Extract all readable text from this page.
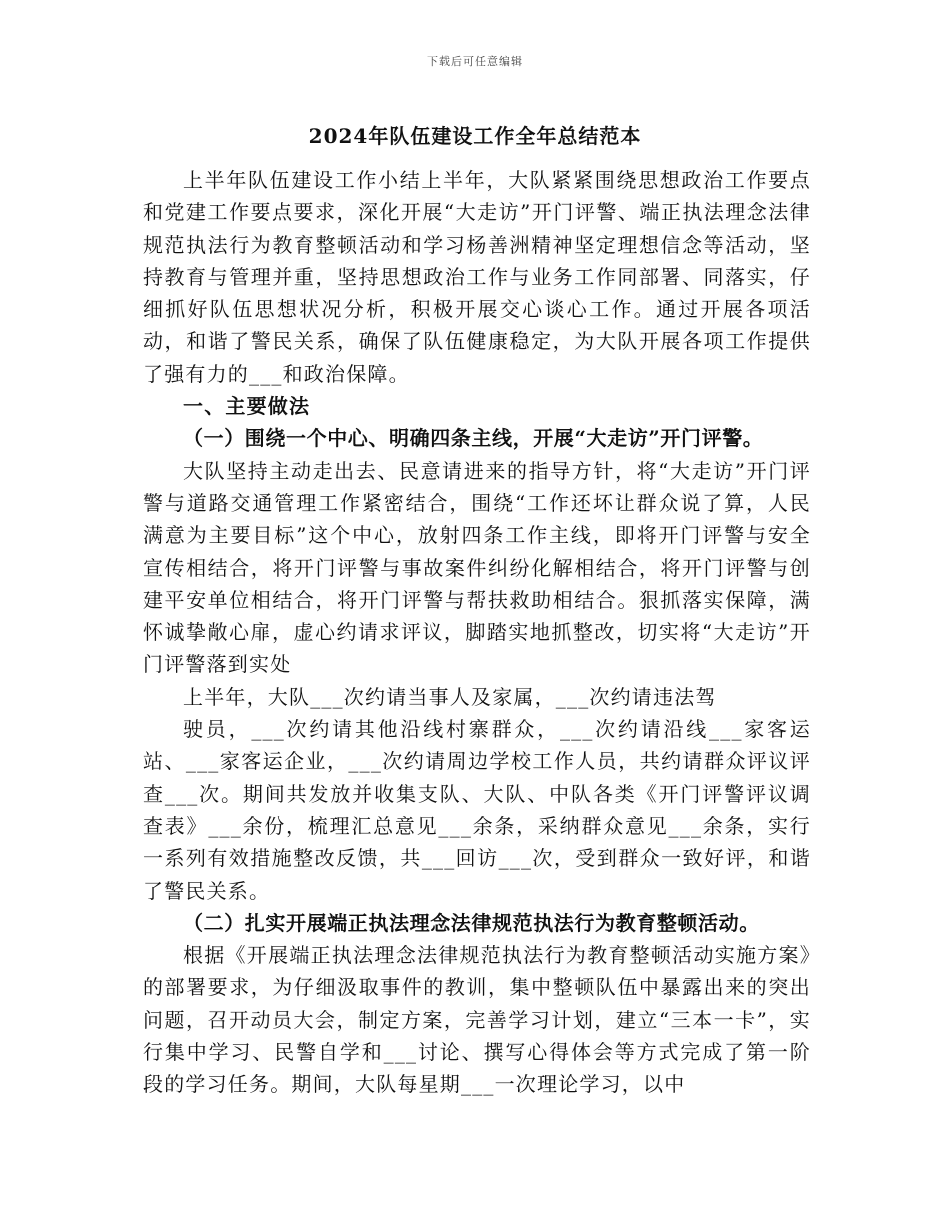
下载后可任意编辑
2024年队伍建设工作全年总结范本

上半年队伍建设工作小结上半年，大队紧紧围绕思想政治工作要点和党建工作要点要求，深化开展“大走访”开门评警、端正执法理念法律规范执法行为教育整顿活动和学习杨善洲精神坚定理想信念等活动，坚持教育与管理并重，坚持思想政治工作与业务工作同部署、同落实，仔细抓好队伍思想状况分析，积极开展交心谈心工作。通过开展各项活动，和谐了警民关系，确保了队伍健康稳定，为大队开展各项工作提供了强有力的___和政治保障。

一、主要做法

（一）围绕一个中心、明确四条主线，开展“大走访”开门评警。

大队坚持主动走出去、民意请进来的指导方针，将“大走访”开门评警与道路交通管理工作紧密结合，围绕“工作还坏让群众说了算，人民满意为主要目标”这个中心，放射四条工作主线，即将开门评警与安全宣传相结合，将开门评警与事故案件纠纷化解相结合，将开门评警与创建平安单位相结合，将开门评警与帮扶救助相结合。狠抓落实保障，满怀诚挚敞心扉，虚心约请求评议，脚踏实地抓整改，切实将“大走访”开门评警落到实处

上半年，大队___次约请当事人及家属，___次约请违法驾

驶员，___次约请其他沿线村寨群众，___次约请沿线___家客运站、___家客运企业，___次约请周边学校工作人员，共约请群众评议评查___次。期间共发放并收集支队、大队、中队各类《开门评警评议调查表》___余份，梳理汇总意见___余条，采纳群众意见___余条，实行一系列有效措施整改反馈，共___回访___次，受到群众一致好评，和谐了警民关系。

（二）扎实开展端正执法理念法律规范执法行为教育整顿活动。

根据《开展端正执法理念法律规范执法行为教育整顿活动实施方案》的部署要求，为仔细汲取事件的教训，集中整顿队伍中暴露出来的突出问题，召开动员大会，制定方案，完善学习计划，建立“三本一卡”，实行集中学习、民警自学和___讨论、撰写心得体会等方式完成了第一阶段的学习任务。期间，大队每星期___一次理论学习，以中
